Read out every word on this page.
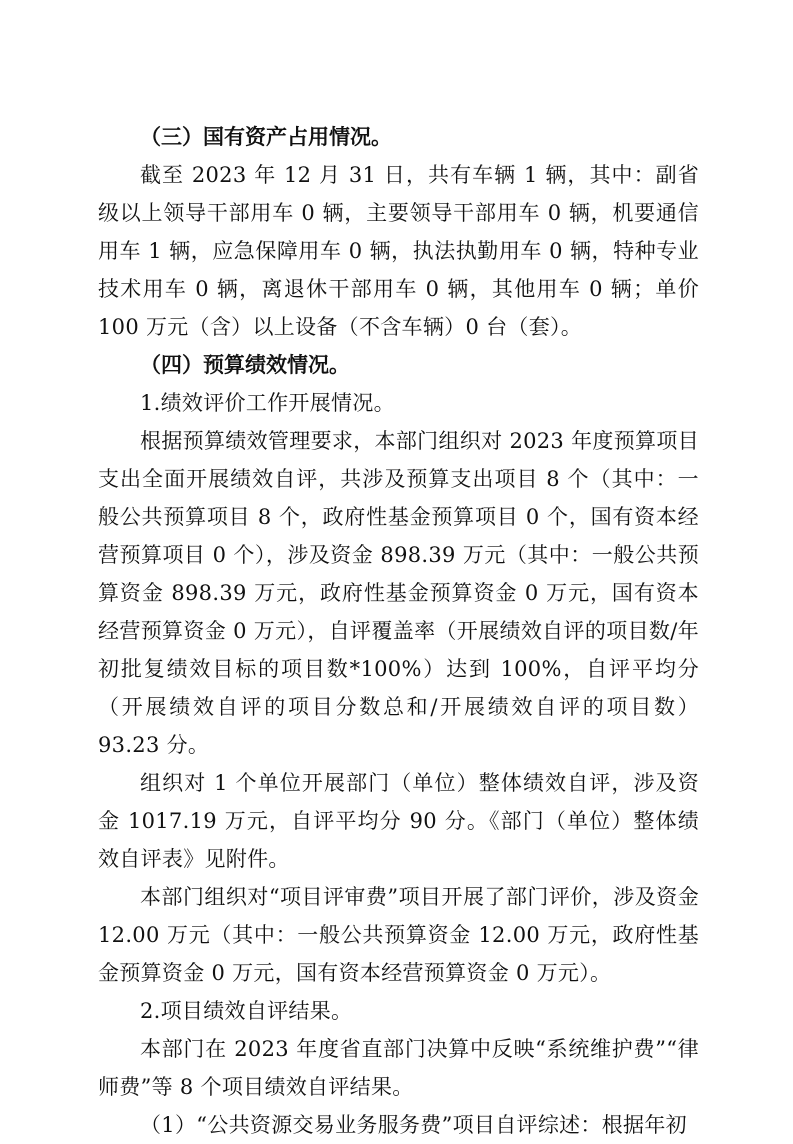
（三）国有资产占用情况。

截至 2023 年 12 月 31 日，共有车辆 1 辆，其中：副省级以上领导干部用车 0 辆，主要领导干部用车 0 辆，机要通信用车 1 辆，应急保障用车 0 辆，执法执勤用车 0 辆，特种专业技术用车 0 辆，离退休干部用车 0 辆，其他用车 0 辆；单价 100 万元（含）以上设备（不含车辆）0 台（套）。

（四）预算绩效情况。

1.绩效评价工作开展情况。

根据预算绩效管理要求，本部门组织对 2023 年度预算项目支出全面开展绩效自评，共涉及预算支出项目 8 个（其中：一般公共预算项目 8 个，政府性基金预算项目 0 个，国有资本经营预算项目 0 个），涉及资金 898.39 万元（其中：一般公共预算资金 898.39 万元，政府性基金预算资金 0 万元，国有资本经营预算资金 0 万元），自评覆盖率（开展绩效自评的项目数/年初批复绩效目标的项目数*100%）达到 100%，自评平均分（开展绩效自评的项目分数总和/开展绩效自评的项目数）93.23 分。

组织对 1 个单位开展部门（单位）整体绩效自评，涉及资金 1017.19 万元，自评平均分 90 分。《部门（单位）整体绩效自评表》见附件。

本部门组织对“项目评审费”项目开展了部门评价，涉及资金 12.00 万元（其中：一般公共预算资金 12.00 万元，政府性基金预算资金 0 万元，国有资本经营预算资金 0 万元）。

2.项目绩效自评结果。

本部门在 2023 年度省直部门决算中反映“系统维护费”“律师费”等 8 个项目绩效自评结果。

（1）“公共资源交易业务服务费”项目自评综述：根据年初
